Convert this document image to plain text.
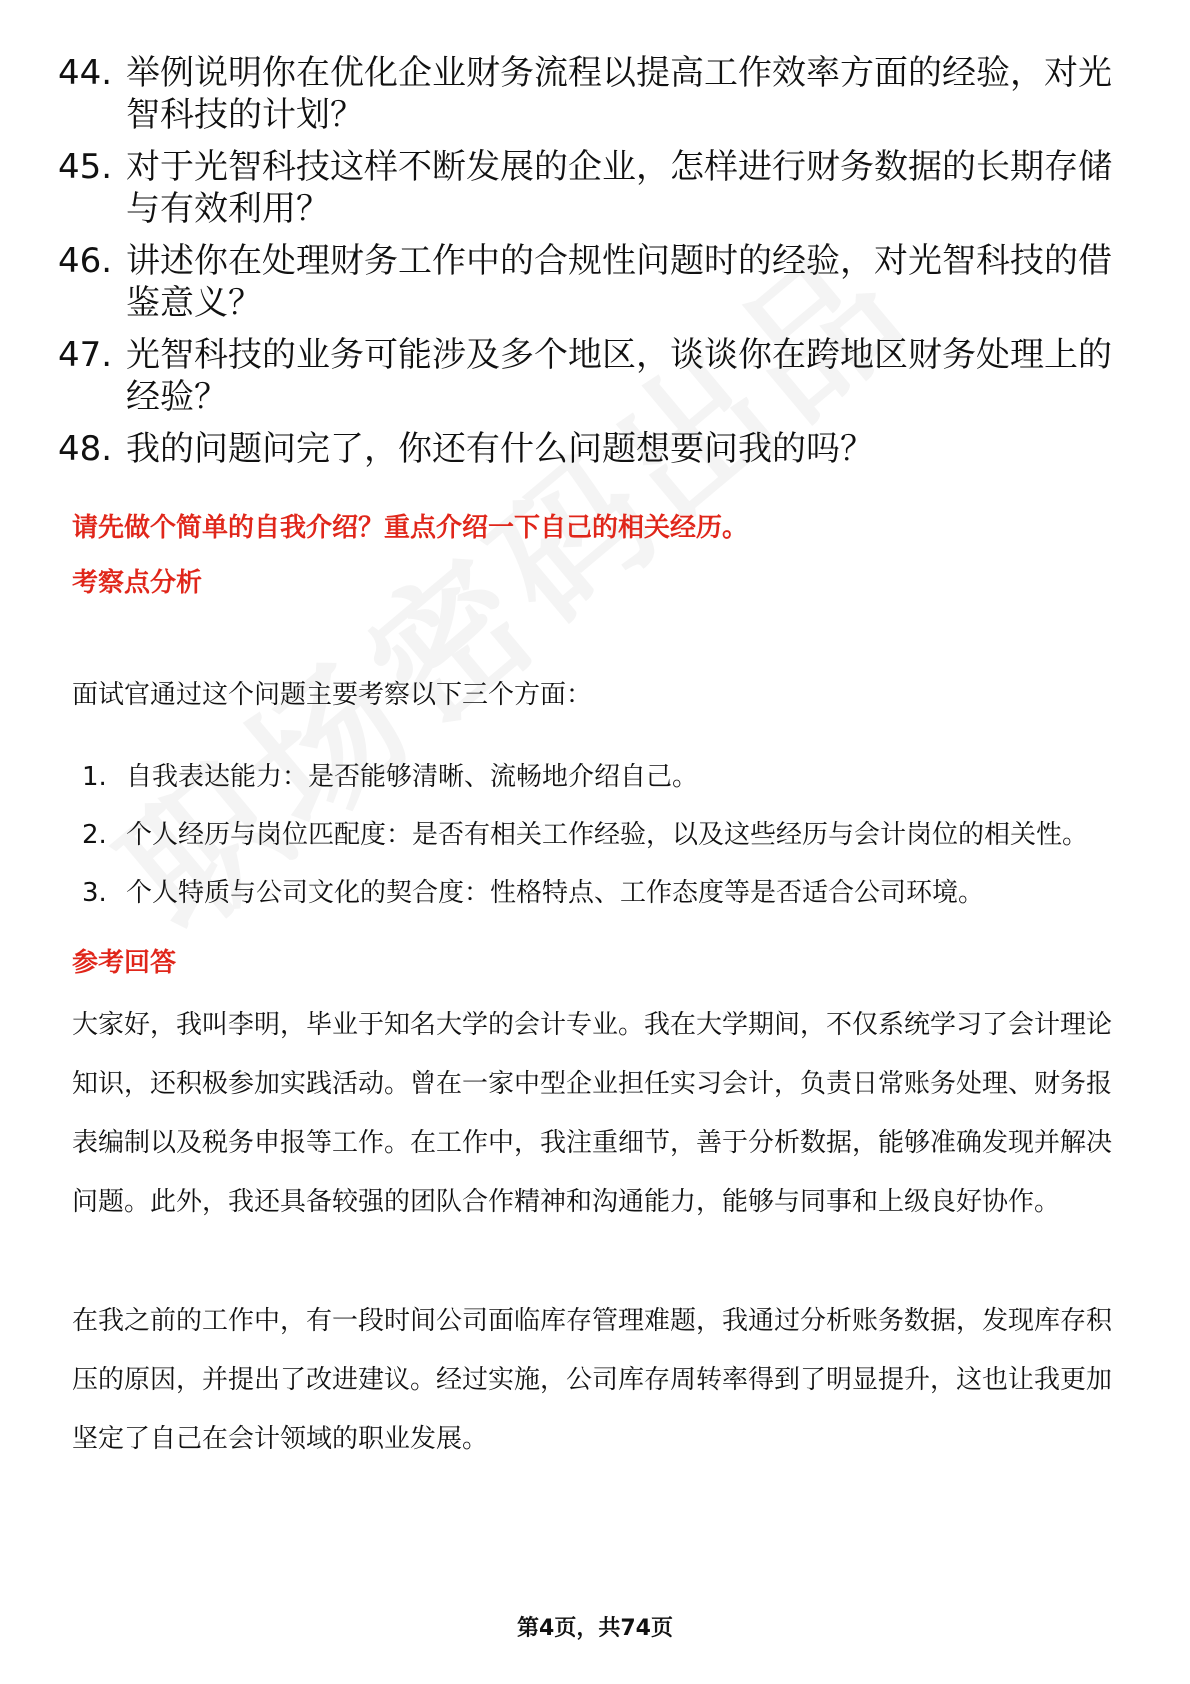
44. 举例说明你在优化企业财务流程以提高工作效率方面的经验，对光智科技的计划？
45. 对于光智科技这样不断发展的企业，怎样进行财务数据的长期存储与有效利用？
46. 讲述你在处理财务工作中的合规性问题时的经验，对光智科技的借鉴意义？
47. 光智科技的业务可能涉及多个地区，谈谈你在跨地区财务处理上的经验？
48. 我的问题问完了，你还有什么问题想要问我的吗？
请先做个简单的自我介绍？重点介绍一下自己的相关经历。
考察点分析
面试官通过这个问题主要考察以下三个方面：
1. 自我表达能力：是否能够清晰、流畅地介绍自己。
2. 个人经历与岗位匹配度：是否有相关工作经验，以及这些经历与会计岗位的相关性。
3. 个人特质与公司文化的契合度：性格特点、工作态度等是否适合公司环境。
参考回答
大家好，我叫李明，毕业于知名大学的会计专业。我在大学期间，不仅系统学习了会计理论知识，还积极参加实践活动。曾在一家中型企业担任实习会计，负责日常账务处理、财务报表编制以及税务申报等工作。在工作中，我注重细节，善于分析数据，能够准确发现并解决问题。此外，我还具备较强的团队合作精神和沟通能力，能够与同事和上级良好协作。
在我之前的工作中，有一段时间公司面临库存管理难题，我通过分析账务数据，发现库存积压的原因，并提出了改进建议。经过实施，公司库存周转率得到了明显提升，这也让我更加坚定了自己在会计领域的职业发展。
第4页，共74页
